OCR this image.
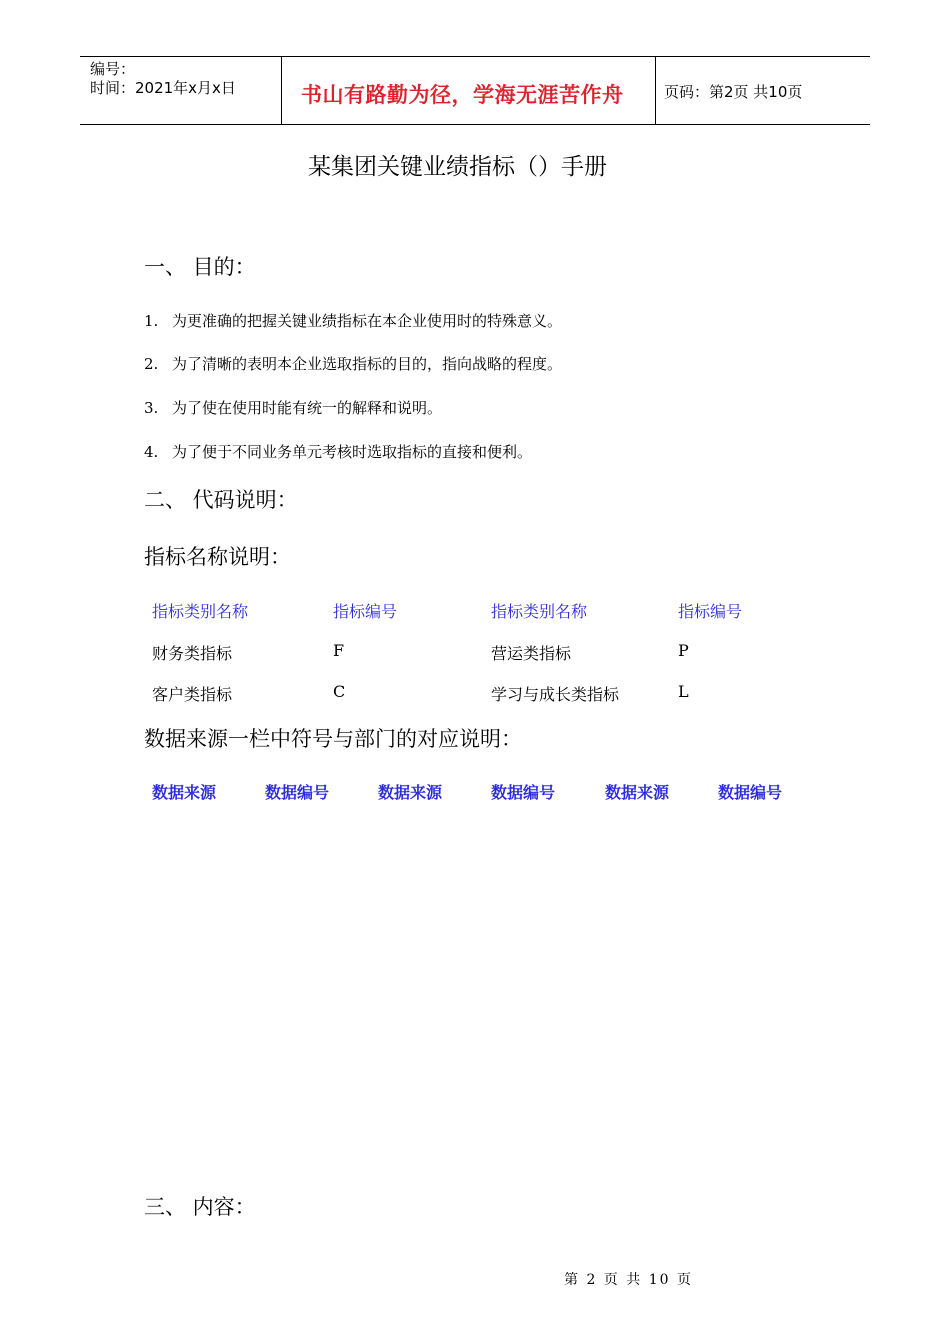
编号：
时间：2021年x月x日	书山有路勤为径，学海无涯苦作舟	页码：第2页 共10页
某集团关键业绩指标（）手册
一、 目的：
1. 为更准确的把握关键业绩指标在本企业使用时的特殊意义。
2. 为了清晰的表明本企业选取指标的目的，指向战略的程度。
3. 为了使在使用时能有统一的解释和说明。
4. 为了便于不同业务单元考核时选取指标的直接和便利。
二、 代码说明：
指标名称说明：
指标类别名称	指标编号	指标类别名称	指标编号
财务类指标	F	营运类指标	P
客户类指标	C	学习与成长类指标	L
数据来源一栏中符号与部门的对应说明：
数据来源	数据编号	数据来源	数据编号	数据来源	数据编号
三、 内容：
第 2 页 共 10 页
